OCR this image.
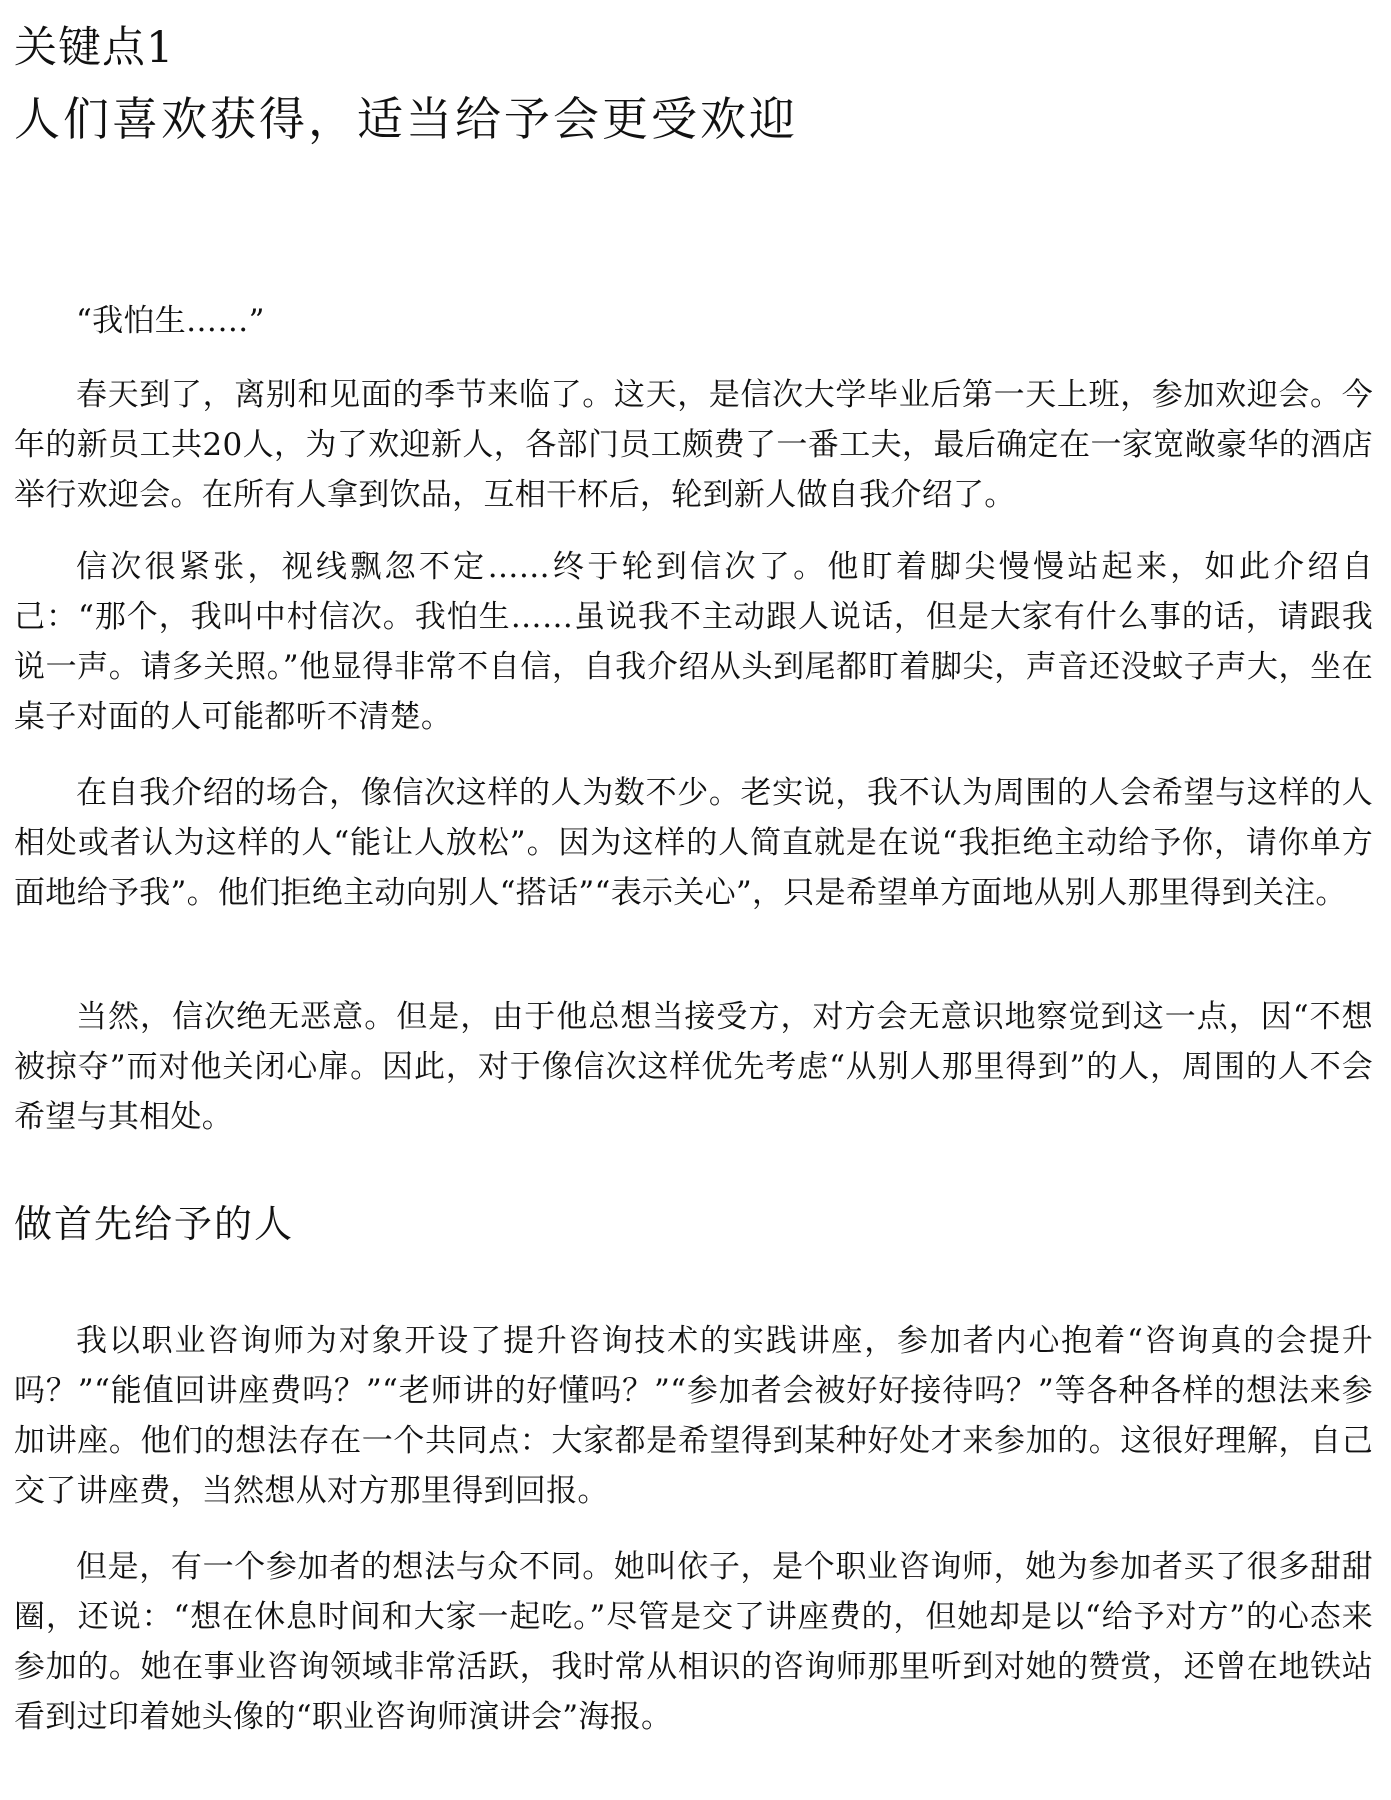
关键点1
人们喜欢获得，适当给予会更受欢迎

“我怕生……”

春天到了，离别和见面的季节来临了。这天，是信次大学毕业后第一天上班，参加欢迎会。今年的新员工共20人，为了欢迎新人，各部门员工颇费了一番工夫，最后确定在一家宽敞豪华的酒店举行欢迎会。在所有人拿到饮品，互相干杯后，轮到新人做自我介绍了。

信次很紧张，视线飘忽不定……终于轮到信次了。他盯着脚尖慢慢站起来，如此介绍自己：“那个，我叫中村信次。我怕生……虽说我不主动跟人说话，但是大家有什么事的话，请跟我说一声。请多关照。”他显得非常不自信，自我介绍从头到尾都盯着脚尖，声音还没蚊子声大，坐在桌子对面的人可能都听不清楚。

在自我介绍的场合，像信次这样的人为数不少。老实说，我不认为周围的人会希望与这样的人相处或者认为这样的人“能让人放松”。因为这样的人简直就是在说“我拒绝主动给予你，请你单方面地给予我”。他们拒绝主动向别人“搭话”“表示关心”，只是希望单方面地从别人那里得到关注。

当然，信次绝无恶意。但是，由于他总想当接受方，对方会无意识地察觉到这一点，因“不想被掠夺”而对他关闭心扉。因此，对于像信次这样优先考虑“从别人那里得到”的人，周围的人不会希望与其相处。

做首先给予的人

我以职业咨询师为对象开设了提升咨询技术的实践讲座，参加者内心抱着“咨询真的会提升吗？”“能值回讲座费吗？”“老师讲的好懂吗？”“参加者会被好好接待吗？”等各种各样的想法来参加讲座。他们的想法存在一个共同点：大家都是希望得到某种好处才来参加的。这很好理解，自己交了讲座费，当然想从对方那里得到回报。

但是，有一个参加者的想法与众不同。她叫依子，是个职业咨询师，她为参加者买了很多甜甜圈，还说：“想在休息时间和大家一起吃。”尽管是交了讲座费的，但她却是以“给予对方”的心态来参加的。她在事业咨询领域非常活跃，我时常从相识的咨询师那里听到对她的赞赏，还曾在地铁站看到过印着她头像的“职业咨询师演讲会”海报。
